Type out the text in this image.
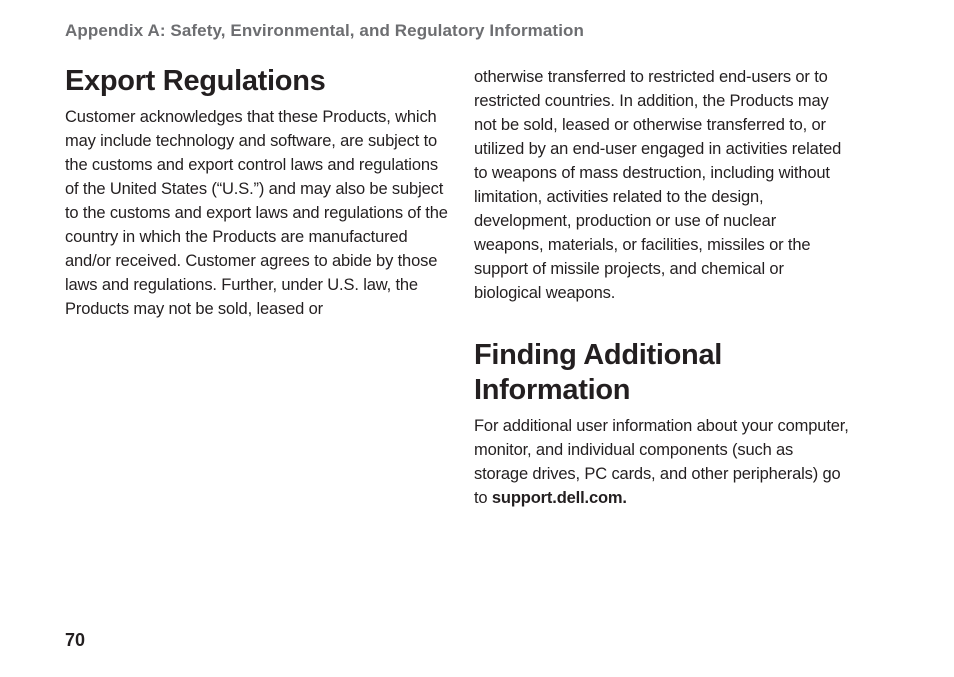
Appendix A: Safety, Environmental, and Regulatory Information
Export Regulations

Customer acknowledges that these Products, which may include technology and software, are subject to the customs and export control laws and regulations of the United States (“U.S.”) and may also be subject to the customs and export laws and regulations of the country in which the Products are manufactured and/or received. Customer agrees to abide by those laws and regulations. Further, under U.S. law, the Products may not be sold, leased or

otherwise transferred to restricted end-users or to restricted countries. In addition, the Products may not be sold, leased or otherwise transferred to, or utilized by an end-user engaged in activities related to weapons of mass destruction, including without limitation, activities related to the design, development, production or use of nuclear weapons, materials, or facilities, missiles or the support of missile projects, and chemical or biological weapons.

Finding Additional Information

For additional user information about your computer, monitor, and individual components (such as storage drives, PC cards, and other peripherals) go to support.dell.com.

70
